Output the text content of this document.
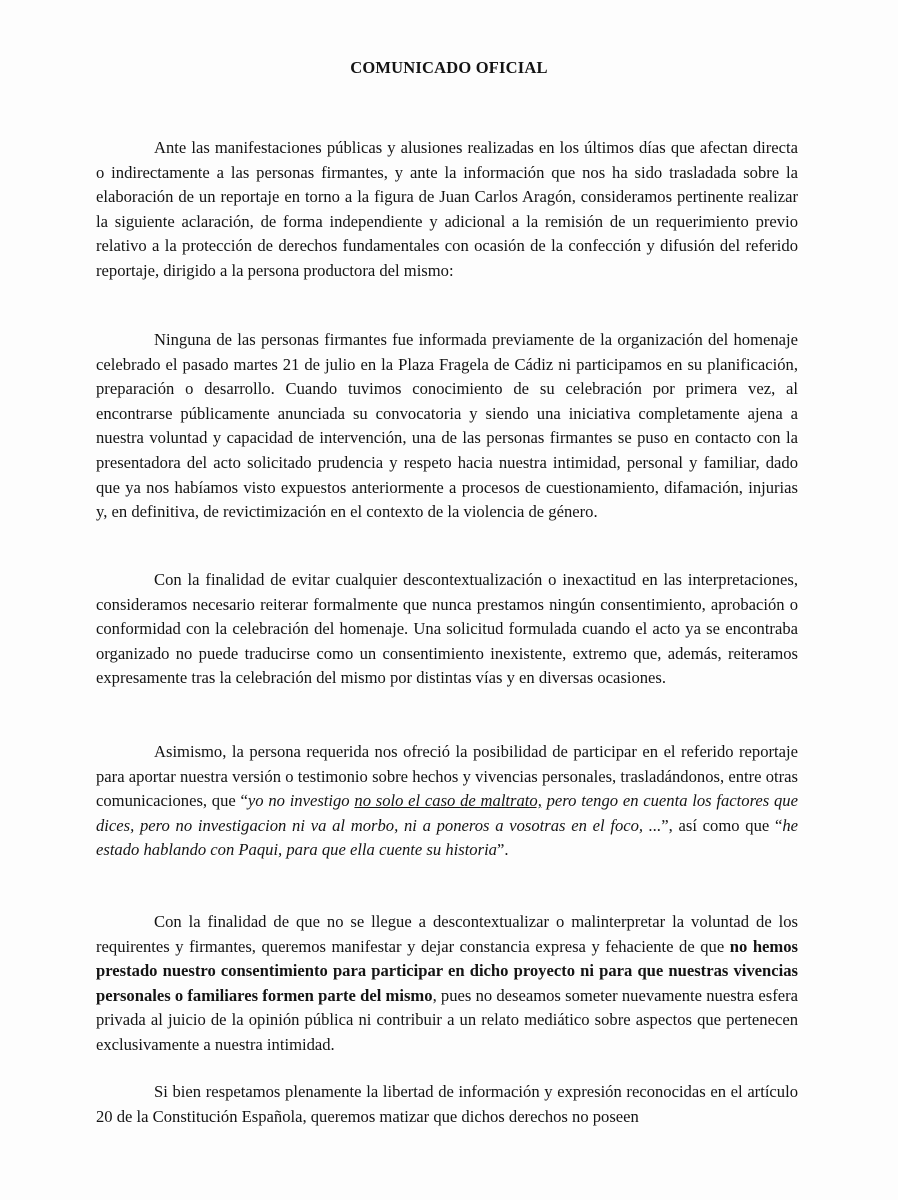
COMUNICADO OFICIAL

Ante las manifestaciones públicas y alusiones realizadas en los últimos días que afectan directa o indirectamente a las personas firmantes, y ante la información que nos ha sido trasladada sobre la elaboración de un reportaje en torno a la figura de Juan Carlos Aragón, consideramos pertinente realizar la siguiente aclaración, de forma independiente y adicional a la remisión de un requerimiento previo relativo a la protección de derechos fundamentales con ocasión de la confección y difusión del referido reportaje, dirigido a la persona productora del mismo:

Ninguna de las personas firmantes fue informada previamente de la organización del homenaje celebrado el pasado martes 21 de julio en la Plaza Fragela de Cádiz ni participamos en su planificación, preparación o desarrollo. Cuando tuvimos conocimiento de su celebración por primera vez, al encontrarse públicamente anunciada su convocatoria y siendo una iniciativa completamente ajena a nuestra voluntad y capacidad de intervención, una de las personas firmantes se puso en contacto con la presentadora del acto solicitado prudencia y respeto hacia nuestra intimidad, personal y familiar, dado que ya nos habíamos visto expuestos anteriormente a procesos de cuestionamiento, difamación, injurias y, en definitiva, de revictimización en el contexto de la violencia de género.

Con la finalidad de evitar cualquier descontextualización o inexactitud en las interpretaciones, consideramos necesario reiterar formalmente que nunca prestamos ningún consentimiento, aprobación o conformidad con la celebración del homenaje. Una solicitud formulada cuando el acto ya se encontraba organizado no puede traducirse como un consentimiento inexistente, extremo que, además, reiteramos expresamente tras la celebración del mismo por distintas vías y en diversas ocasiones.

Asimismo, la persona requerida nos ofreció la posibilidad de participar en el referido reportaje para aportar nuestra versión o testimonio sobre hechos y vivencias personales, trasladándonos, entre otras comunicaciones, que “yo no investigo no solo el caso de maltrato, pero tengo en cuenta los factores que dices, pero no investigacion ni va al morbo, ni a poneros a vosotras en el foco, ...”, así como que “he estado hablando con Paqui, para que ella cuente su historia”.

Con la finalidad de que no se llegue a descontextualizar o malinterpretar la voluntad de los requirentes y firmantes, queremos manifestar y dejar constancia expresa y fehaciente de que no hemos prestado nuestro consentimiento para participar en dicho proyecto ni para que nuestras vivencias personales o familiares formen parte del mismo, pues no deseamos someter nuevamente nuestra esfera privada al juicio de la opinión pública ni contribuir a un relato mediático sobre aspectos que pertenecen exclusivamente a nuestra intimidad.

Si bien respetamos plenamente la libertad de información y expresión reconocidas en el artículo 20 de la Constitución Española, queremos matizar que dichos derechos no poseen
